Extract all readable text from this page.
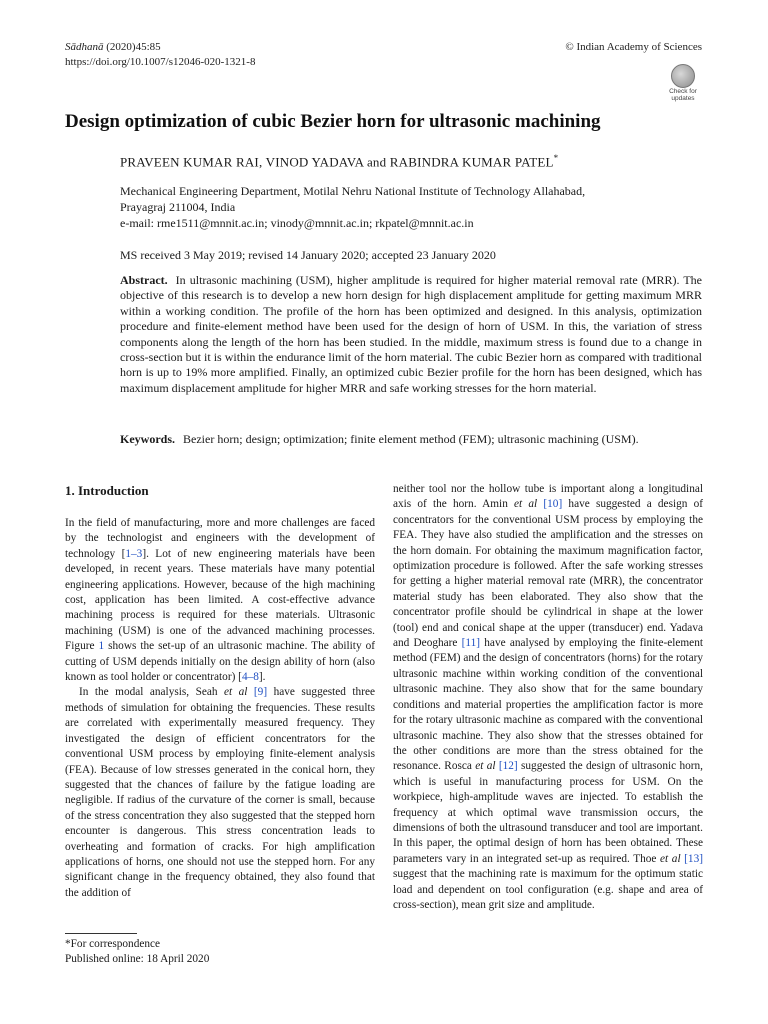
Sādhanā (2020)45:85
https://doi.org/10.1007/s12046-020-1321-8
© Indian Academy of Sciences
Check for
updates
Design optimization of cubic Bezier horn for ultrasonic machining
PRAVEEN KUMAR RAI, VINOD YADAVA and RABINDRA KUMAR PATEL*
Mechanical Engineering Department, Motilal Nehru National Institute of Technology Allahabad,
Prayagraj 211004, India
e-mail: rme1511@mnnit.ac.in; vinody@mnnit.ac.in; rkpatel@mnnit.ac.in
MS received 3 May 2019; revised 14 January 2020; accepted 23 January 2020
Abstract. In ultrasonic machining (USM), higher amplitude is required for higher material removal rate (MRR). The objective of this research is to develop a new horn design for high displacement amplitude for getting maximum MRR within a working condition. The profile of the horn has been optimized and designed. In this analysis, optimization procedure and finite-element method have been used for the design of horn of USM. In this, the variation of stress components along the length of the horn has been studied. In the middle, maximum stress is found due to a change in cross-section but it is within the endurance limit of the horn material. The cubic Bezier horn as compared with traditional horn is up to 19% more amplified. Finally, an optimized cubic Bezier profile for the horn has been designed, which has maximum displacement amplitude for higher MRR and safe working stresses for the horn material.
Keywords. Bezier horn; design; optimization; finite element method (FEM); ultrasonic machining (USM).
1. Introduction

In the field of manufacturing, more and more challenges are faced by the technologist and engineers with the development of technology [1–3]. Lot of new engineering materials have been developed, in recent years. These materials have many potential engineering applications. However, because of the high machining cost, application has been limited. A cost-effective advance machining process is required for these materials. Ultrasonic machining (USM) is one of the advanced machining processes. Figure 1 shows the set-up of an ultrasonic machine. The ability of cutting of USM depends initially on the design ability of horn (also known as tool holder or concentrator) [4–8].

In the modal analysis, Seah et al [9] have suggested three methods of simulation for obtaining the frequencies. These results are correlated with experimentally measured frequency. They investigated the design of efficient concentrators for the conventional USM process by employing finite-element analysis (FEA). Because of low stresses generated in the conical horn, they suggested that the chances of failure by the fatigue loading are negligible. If radius of the curvature of the corner is small, because of the stress concentration they also suggested that the stepped horn encounter is dangerous. This stress concentration leads to overheating and formation of cracks. For high amplification applications of horns, one should not use the stepped horn. For any significant change in the frequency obtained, they also found that the addition of

neither tool nor the hollow tube is important along a longitudinal axis of the horn. Amin et al [10] have suggested a design of concentrators for the conventional USM process by employing the FEA. They have also studied the amplification and the stresses on the horn domain. For obtaining the maximum magnification factor, optimization procedure is followed. After the safe working stresses for getting a higher material removal rate (MRR), the concentrator material study has been elaborated. They also show that the concentrator profile should be cylindrical in shape at the lower (tool) end and conical shape at the upper (transducer) end. Yadava and Deoghare [11] have analysed by employing the finite-element method (FEM) and the design of concentrators (horns) for the rotary ultrasonic machine within working condition of the conventional ultrasonic machine. They also show that for the same boundary conditions and material properties the amplification factor is more for the rotary ultrasonic machine as compared with the conventional ultrasonic machine. They also show that the stresses obtained for the other conditions are more than the stress obtained for the resonance. Rosca et al [12] suggested the design of ultrasonic horn, which is useful in manufacturing process for USM. On the workpiece, high-amplitude waves are injected. To establish the frequency at which optimal wave transmission occurs, the dimensions of both the ultrasound transducer and tool are important. In this paper, the optimal design of horn has been obtained. These parameters vary in an integrated set-up as required. Thoe et al [13] suggest that the machining rate is maximum for the optimum static load and dependent on tool configuration (e.g. shape and area of cross-section), mean grit size and amplitude.

*For correspondence
Published online: 18 April 2020
